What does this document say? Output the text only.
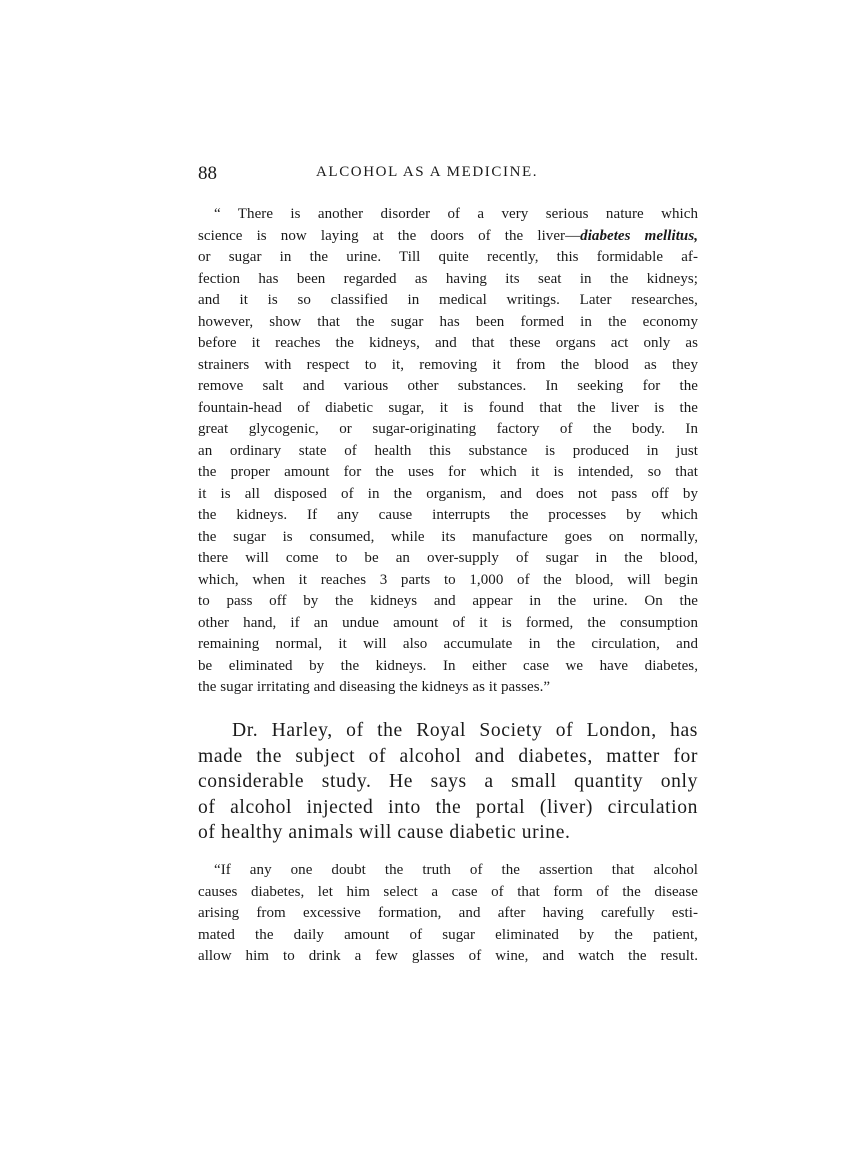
88	ALCOHOL AS A MEDICINE.
“ There is another disorder of a very serious nature which
science is now laying at the doors of the liver—diabetes mellitus,
or sugar in the urine. Till quite recently, this formidable af-
fection has been regarded as having its seat in the kidneys;
and it is so classified in medical writings. Later researches,
however, show that the sugar has been formed in the economy
before it reaches the kidneys, and that these organs act only as
strainers with respect to it, removing it from the blood as they
remove salt and various other substances. In seeking for the
fountain-head of diabetic sugar, it is found that the liver is the
great glycogenic, or sugar-originating factory of the body. In
an ordinary state of health this substance is produced in just
the proper amount for the uses for which it is intended, so that
it is all disposed of in the organism, and does not pass off by
the kidneys. If any cause interrupts the processes by which
the sugar is consumed, while its manufacture goes on normally,
there will come to be an over-supply of sugar in the blood,
which, when it reaches 3 parts to 1,000 of the blood, will begin
to pass off by the kidneys and appear in the urine. On the
other hand, if an undue amount of it is formed, the consumption
remaining normal, it will also accumulate in the circulation, and
be eliminated by the kidneys. In either case we have diabetes,
the sugar irritating and diseasing the kidneys as it passes.”
Dr. Harley, of the Royal Society of London, has
made the subject of alcohol and diabetes, matter for
considerable study. He says a small quantity only
of alcohol injected into the portal (liver) circulation
of healthy animals will cause diabetic urine.
“If any one doubt the truth of the assertion that alcohol
causes diabetes, let him select a case of that form of the disease
arising from excessive formation, and after having carefully esti-
mated the daily amount of sugar eliminated by the patient,
allow him to drink a few glasses of wine, and watch the result.
